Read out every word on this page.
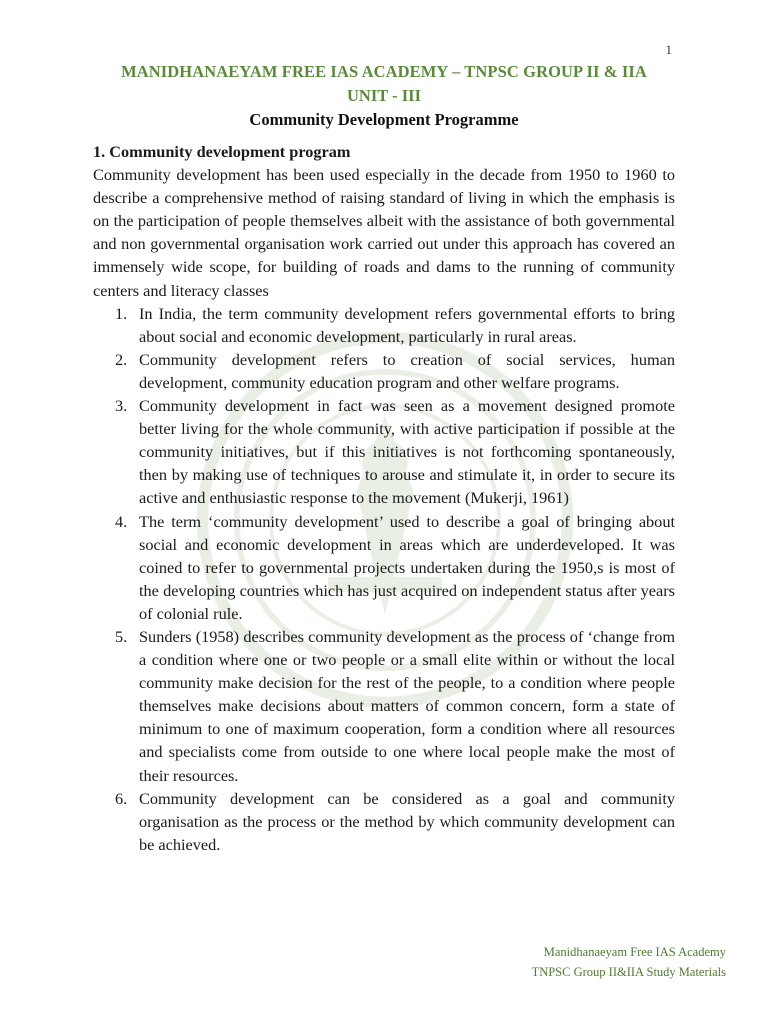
1
MANIDHANAEYAM FREE IAS ACADEMY – TNPSC GROUP II & IIA
UNIT - III
Community Development Programme

1. Community development program

Community development has been used especially in the decade from 1950 to 1960 to describe a comprehensive method of raising standard of living in which the emphasis is on the participation of people themselves albeit with the assistance of both governmental and non governmental organisation work carried out under this approach has covered an immensely wide scope, for building of roads and dams to the running of community centers and literacy classes

1. In India, the term community development refers governmental efforts to bring about social and economic development, particularly in rural areas.
2. Community development refers to creation of social services, human development, community education program and other welfare programs.
3. Community development in fact was seen as a movement designed promote better living for the whole community, with active participation if possible at the community initiatives, but if this initiatives is not forthcoming spontaneously, then by making use of techniques to arouse and stimulate it, in order to secure its active and enthusiastic response to the movement (Mukerji, 1961)
4. The term ‘community development’ used to describe a goal of bringing about social and economic development in areas which are underdeveloped. It was coined to refer to governmental projects undertaken during the 1950,s is most of the developing countries which has just acquired on independent status after years of colonial rule.
5. Sunders (1958) describes community development as the process of ‘change from a condition where one or two people or a small elite within or without the local community make decision for the rest of the people, to a condition where people themselves make decisions about matters of common concern, form a state of minimum to one of maximum cooperation, form a condition where all resources and specialists come from outside to one where local people make the most of their resources.
6. Community development can be considered as a goal and community organisation as the process or the method by which community development can be achieved.
Manidhanaeyam Free IAS Academy
TNPSC Group II&IIA Study Materials
